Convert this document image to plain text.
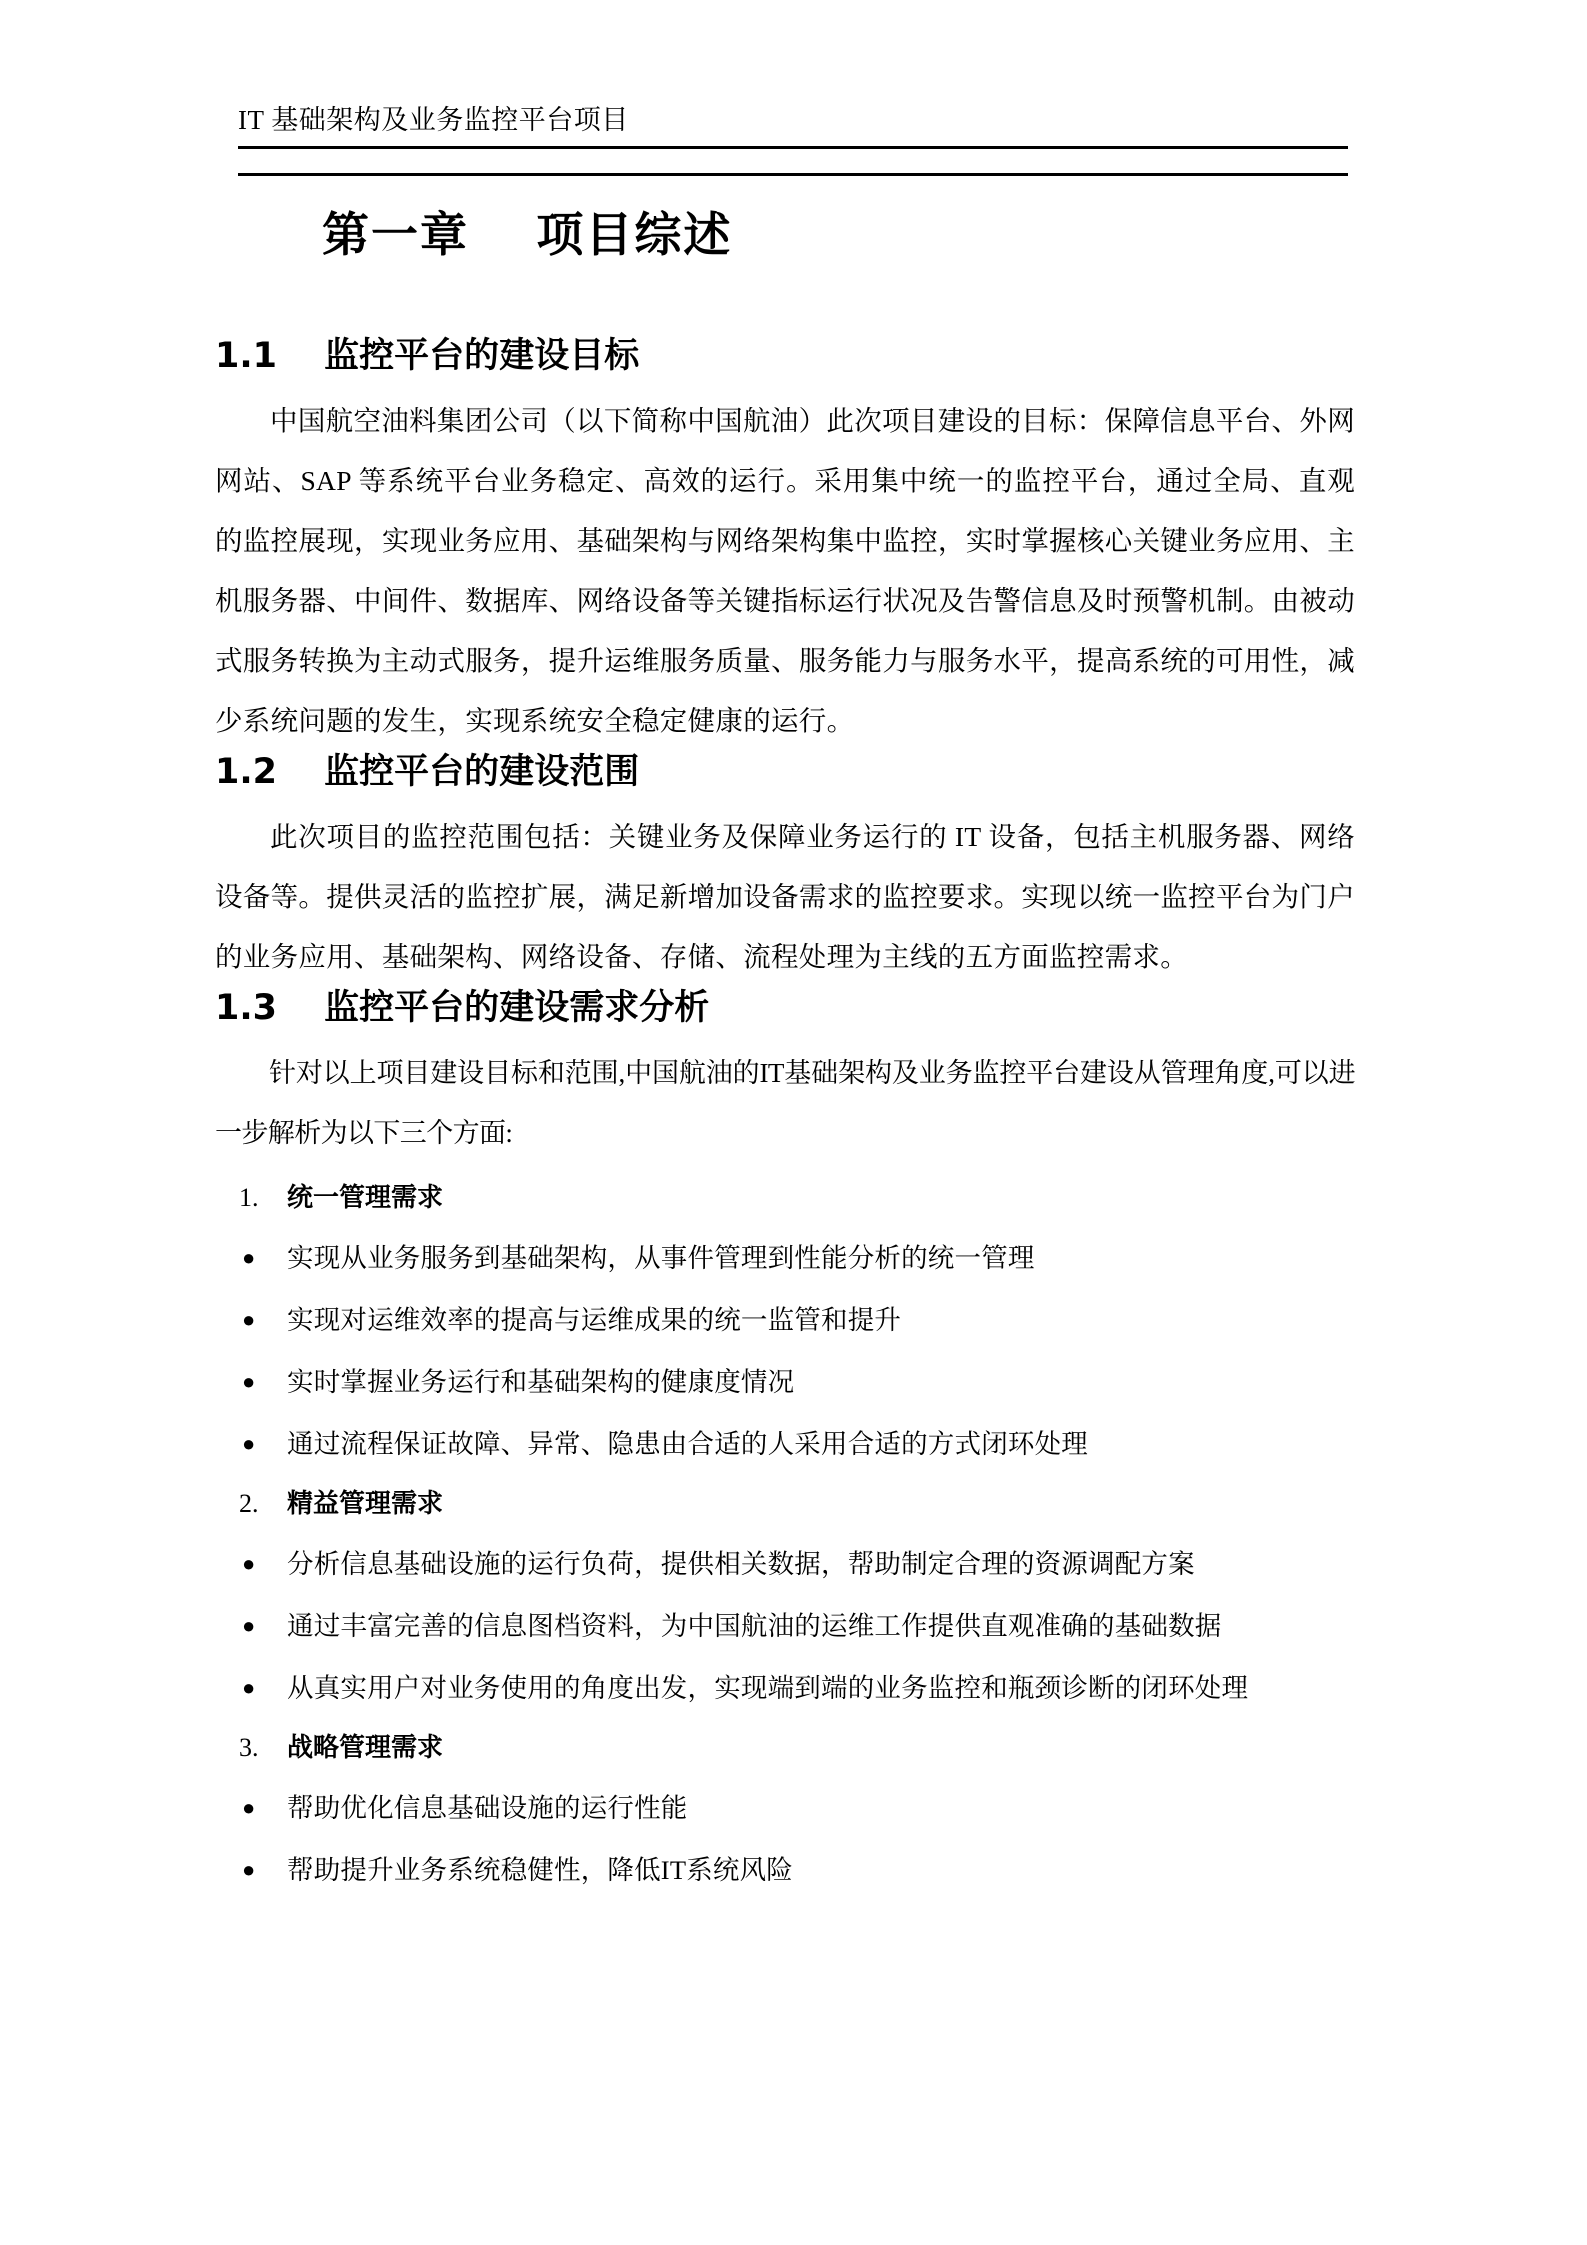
IT 基础架构及业务监控平台项目
第一章　 项目综述
1.1　 监控平台的建设目标

中国航空油料集团公司（以下简称中国航油）此次项目建设的目标：保障信息平台、外网网站、SAP 等系统平台业务稳定、高效的运行。采用集中统一的监控平台，通过全局、直观的监控展现，实现业务应用、基础架构与网络架构集中监控，实时掌握核心关键业务应用、主机服务器、中间件、数据库、网络设备等关键指标运行状况及告警信息及时预警机制。由被动式服务转换为主动式服务，提升运维服务质量、服务能力与服务水平，提高系统的可用性，减少系统问题的发生，实现系统安全稳定健康的运行。

1.2　 监控平台的建设范围

此次项目的监控范围包括：关键业务及保障业务运行的 IT 设备，包括主机服务器、网络设备等。提供灵活的监控扩展，满足新增加设备需求的监控要求。实现以统一监控平台为门户的业务应用、基础架构、网络设备、存储、流程处理为主线的五方面监控需求。

1.3　 监控平台的建设需求分析

针对以上项目建设目标和范围,中国航油的IT基础架构及业务监控平台建设从管理角度,可以进一步解析为以下三个方面:

1.	统一管理需求
● 实现从业务服务到基础架构，从事件管理到性能分析的统一管理
● 实现对运维效率的提高与运维成果的统一监管和提升
● 实时掌握业务运行和基础架构的健康度情况
● 通过流程保证故障、异常、隐患由合适的人采用合适的方式闭环处理
2.	精益管理需求
● 分析信息基础设施的运行负荷，提供相关数据，帮助制定合理的资源调配方案
● 通过丰富完善的信息图档资料，为中国航油的运维工作提供直观准确的基础数据
● 从真实用户对业务使用的角度出发，实现端到端的业务监控和瓶颈诊断的闭环处理
3.	战略管理需求
● 帮助优化信息基础设施的运行性能
● 帮助提升业务系统稳健性，降低IT系统风险
